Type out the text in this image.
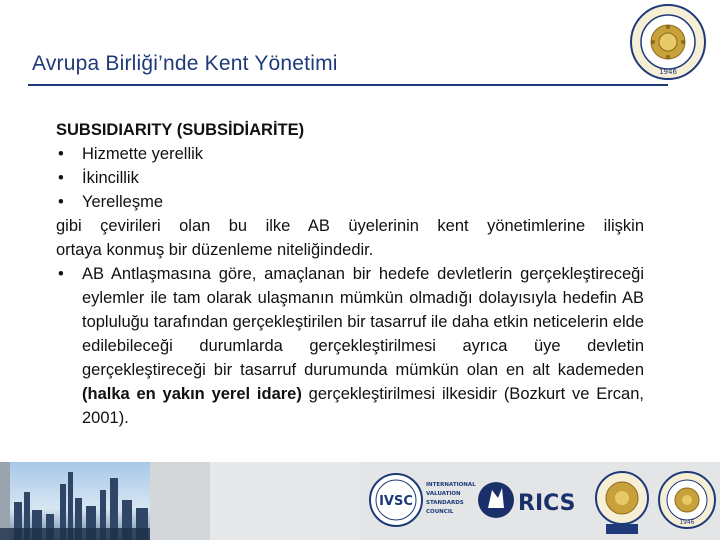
Avrupa Birliği’nde Kent Yönetimi	1946
SUBSIDIARITY (SUBSİDİARİTE)
• Hizmette yerellik
• İkincillik
• Yerelleşme
gibi çevirileri olan bu ilke AB üyelerinin kent yönetimlerine ilişkin
ortaya konmuş bir düzenleme niteliğindedir.
• AB Antlaşmasına göre, amaçlanan bir hedefe devletlerin gerçekleştireceği eylemler ile tam olarak ulaşmanın mümkün olmadığı dolayısıyla hedefin AB topluluğu tarafından gerçekleştirilen bir tasarruf ile daha etkin neticelerin elde edilebileceği durumlarda gerçekleştirilmesi ayrıca üye devletin gerçekleştireceği bir tasarruf durumunda mümkün olan en alt kademeden (halka en yakın yerel idare) gerçekleştirilmesi ilkesidir (Bozkurt ve Ercan, 2001).
IVSC
INTERNATIONAL
VALUATION
STANDARDS
COUNCIL	RICS
1946
